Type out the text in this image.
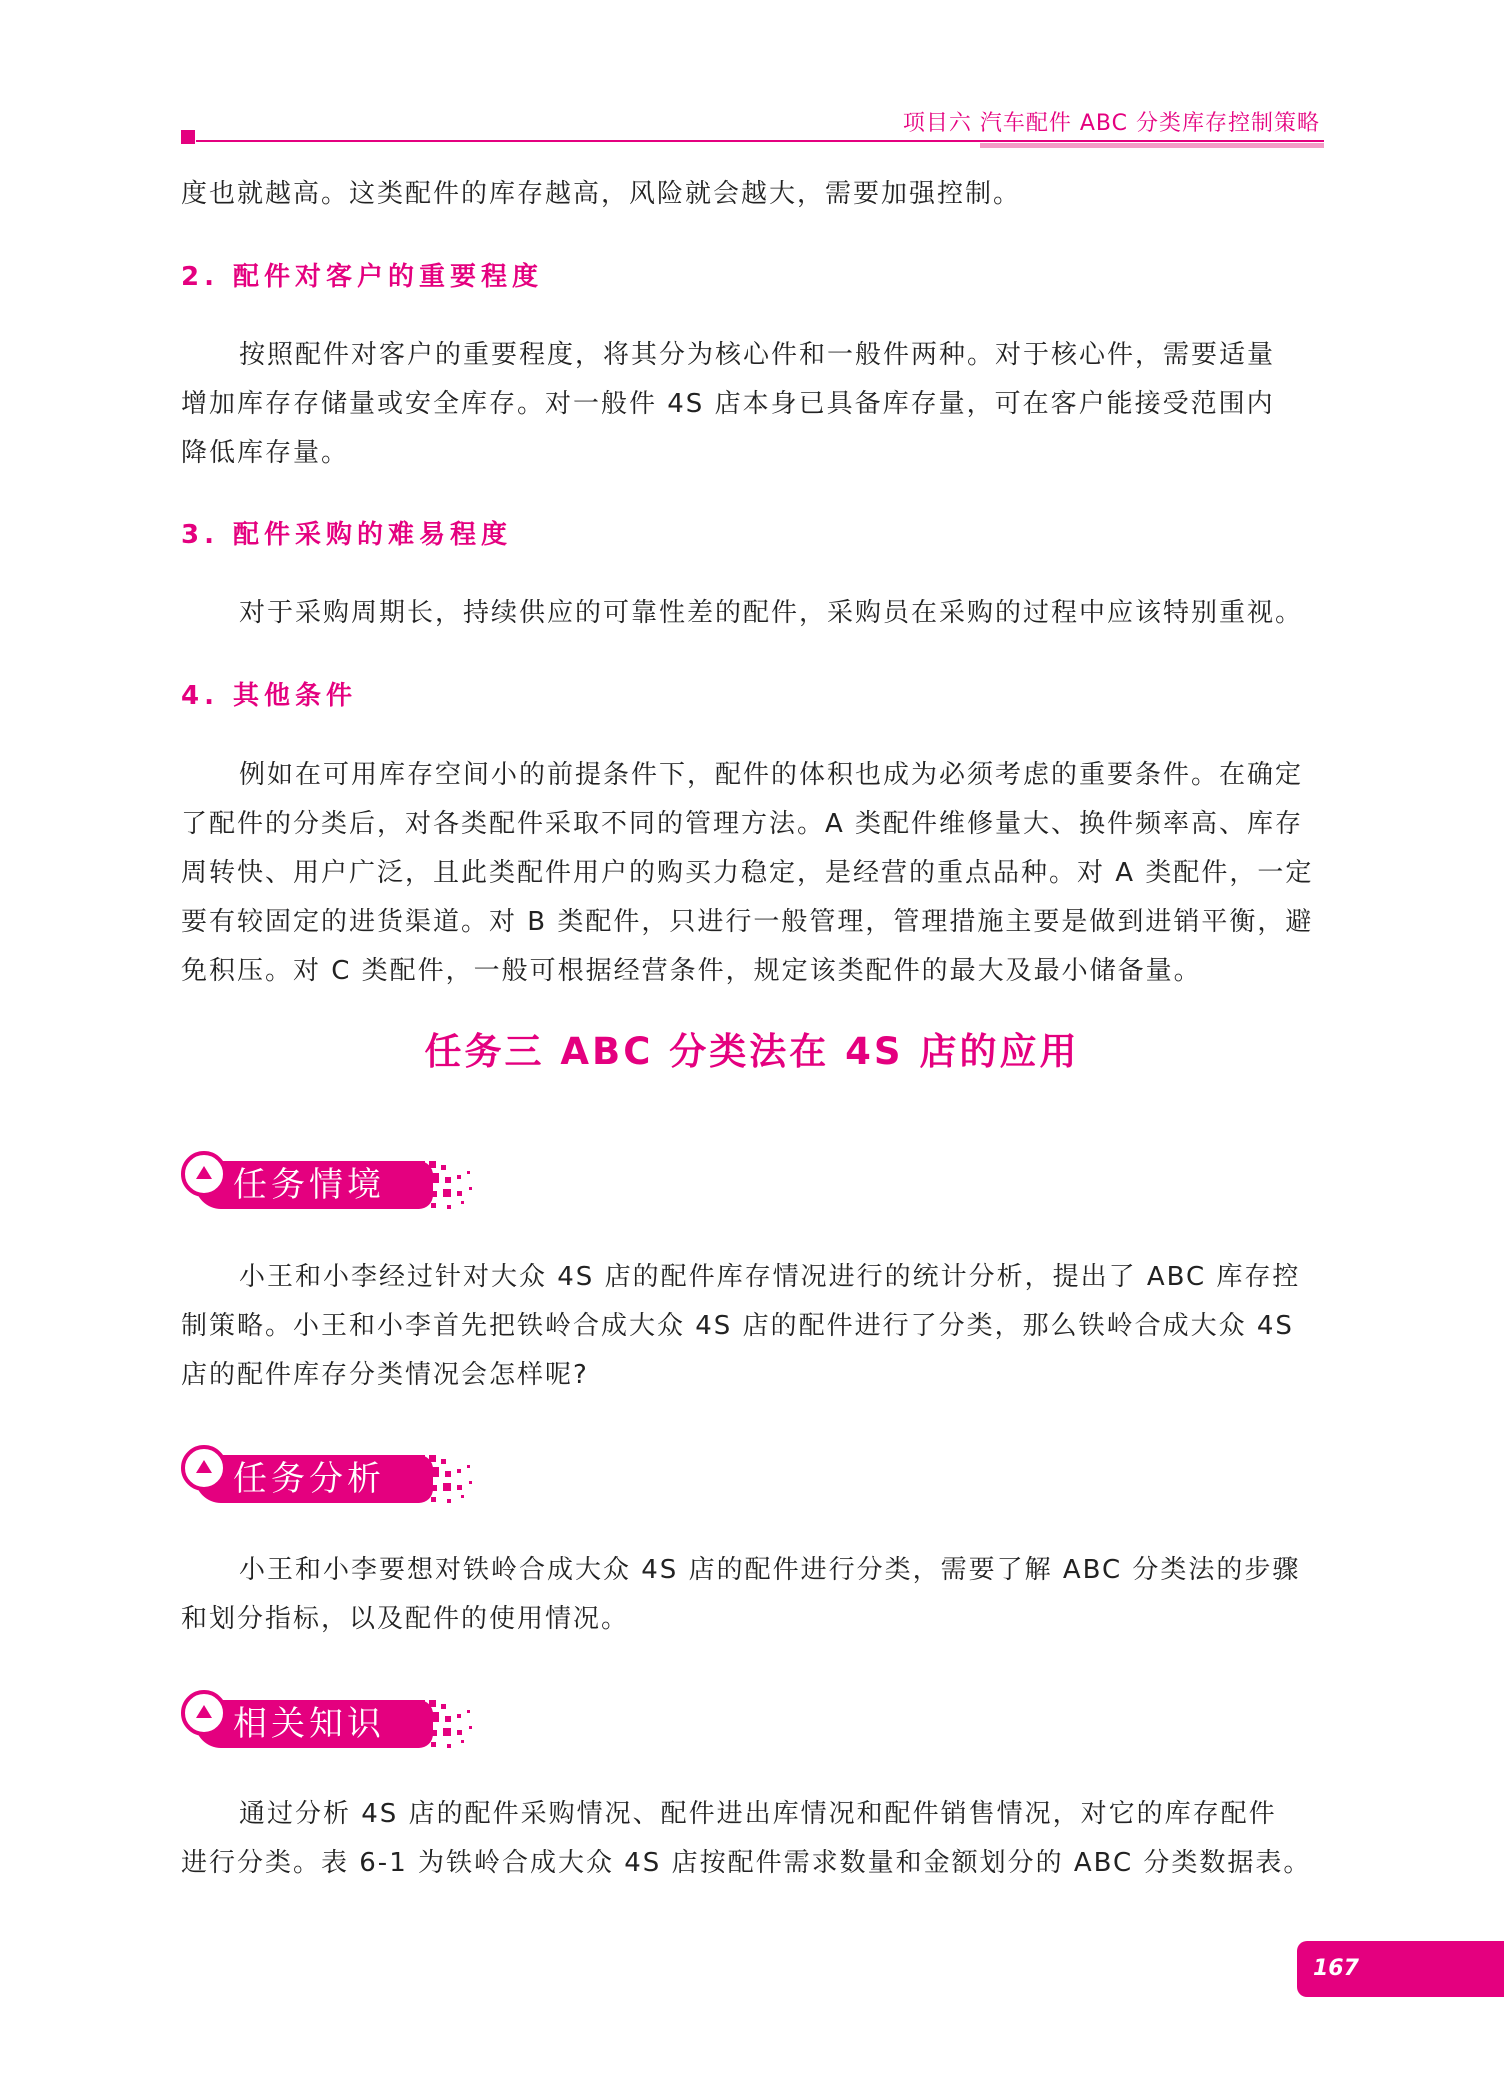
项目六 汽车配件 ABC 分类库存控制策略
度也就越高。这类配件的库存越高，风险就会越大，需要加强控制。
2. 配件对客户的重要程度
按照配件对客户的重要程度，将其分为核心件和一般件两种。对于核心件，需要适量
增加库存存储量或安全库存。对一般件 4S 店本身已具备库存量，可在客户能接受范围内
降低库存量。
3. 配件采购的难易程度
对于采购周期长，持续供应的可靠性差的配件，采购员在采购的过程中应该特别重视。
4. 其他条件
例如在可用库存空间小的前提条件下，配件的体积也成为必须考虑的重要条件。在确定
了配件的分类后，对各类配件采取不同的管理方法。A 类配件维修量大、换件频率高、库存
周转快、用户广泛，且此类配件用户的购买力稳定，是经营的重点品种。对 A 类配件，一定
要有较固定的进货渠道。对 B 类配件，只进行一般管理，管理措施主要是做到进销平衡，避
免积压。对 C 类配件，一般可根据经营条件，规定该类配件的最大及最小储备量。
任务三 ABC 分类法在 4S 店的应用
任务情境
小王和小李经过针对大众 4S 店的配件库存情况进行的统计分析，提出了 ABC 库存控
制策略。小王和小李首先把铁岭合成大众 4S 店的配件进行了分类，那么铁岭合成大众 4S
店的配件库存分类情况会怎样呢?
任务分析
小王和小李要想对铁岭合成大众 4S 店的配件进行分类，需要了解 ABC 分类法的步骤
和划分指标，以及配件的使用情况。
相关知识
通过分析 4S 店的配件采购情况、配件进出库情况和配件销售情况，对它的库存配件
进行分类。表 6-1 为铁岭合成大众 4S 店按配件需求数量和金额划分的 ABC 分类数据表。
167
